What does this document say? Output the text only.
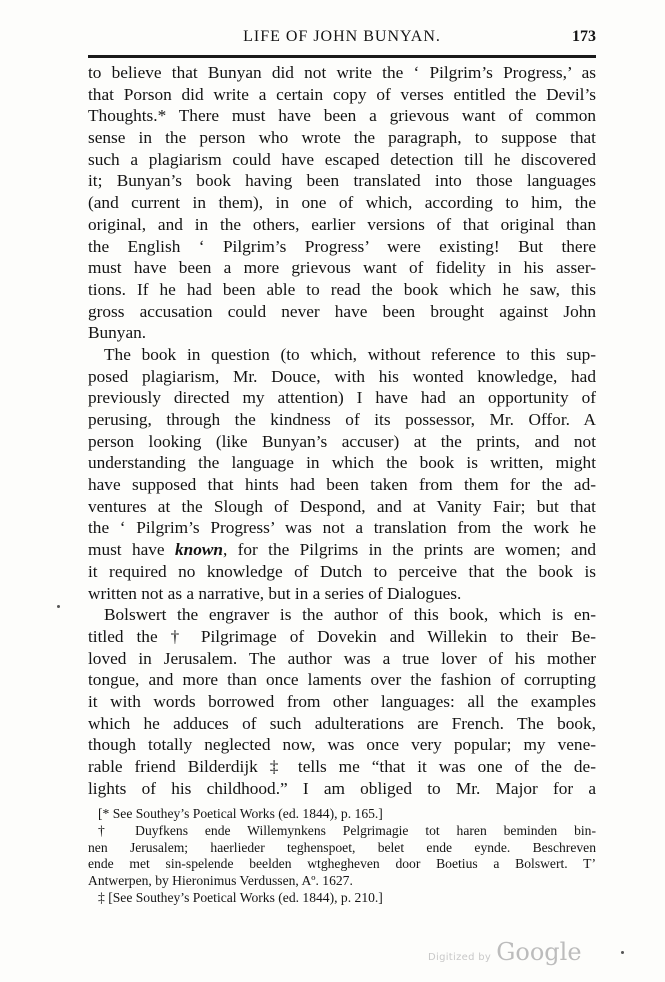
LIFE OF JOHN BUNYAN.	173
to believe that Bunyan did not write the ‘ Pilgrim’s Progress,’ as
that Porson did write a certain copy of verses entitled the Devil’s
Thoughts.* There must have been a grievous want of common
sense in the person who wrote the paragraph, to suppose that
such a plagiarism could have escaped detection till he discovered
it; Bunyan’s book having been translated into those languages
(and current in them), in one of which, according to him, the
original, and in the others, earlier versions of that original than
the English ‘ Pilgrim’s Progress’ were existing! But there
must have been a more grievous want of fidelity in his asser-
tions. If he had been able to read the book which he saw, this
gross accusation could never have been brought against John
Bunyan.
The book in question (to which, without reference to this sup-
posed plagiarism, Mr. Douce, with his wonted knowledge, had
previously directed my attention) I have had an opportunity of
perusing, through the kindness of its possessor, Mr. Offor. A
person looking (like Bunyan’s accuser) at the prints, and not
understanding the language in which the book is written, might
have supposed that hints had been taken from them for the ad-
ventures at the Slough of Despond, and at Vanity Fair; but that
the ‘ Pilgrim’s Progress’ was not a translation from the work he
must have known, for the Pilgrims in the prints are women; and
it required no knowledge of Dutch to perceive that the book is
written not as a narrative, but in a series of Dialogues.
Bolswert the engraver is the author of this book, which is en-
titled the † Pilgrimage of Dovekin and Willekin to their Be-
loved in Jerusalem. The author was a true lover of his mother
tongue, and more than once laments over the fashion of corrupting
it with words borrowed from other languages: all the examples
which he adduces of such adulterations are French. The book,
though totally neglected now, was once very popular; my vene-
rable friend Bilderdijk ‡ tells me “that it was one of the de-
lights of his childhood.” I am obliged to Mr. Major for a
[* See Southey’s Poetical Works (ed. 1844), p. 165.]
† Duyfkens ende Willemynkens Pelgrimagie tot haren beminden bin-
nen Jerusalem; haerlieder teghenspoet, belet ende eynde. Beschreven
ende met sin-spelende beelden wtghegheven door Boetius a Bolswert. T’
Antwerpen, by Hieronimus Verdussen, Aº. 1627.
‡ [See Southey’s Poetical Works (ed. 1844), p. 210.]
Digitized by Google
